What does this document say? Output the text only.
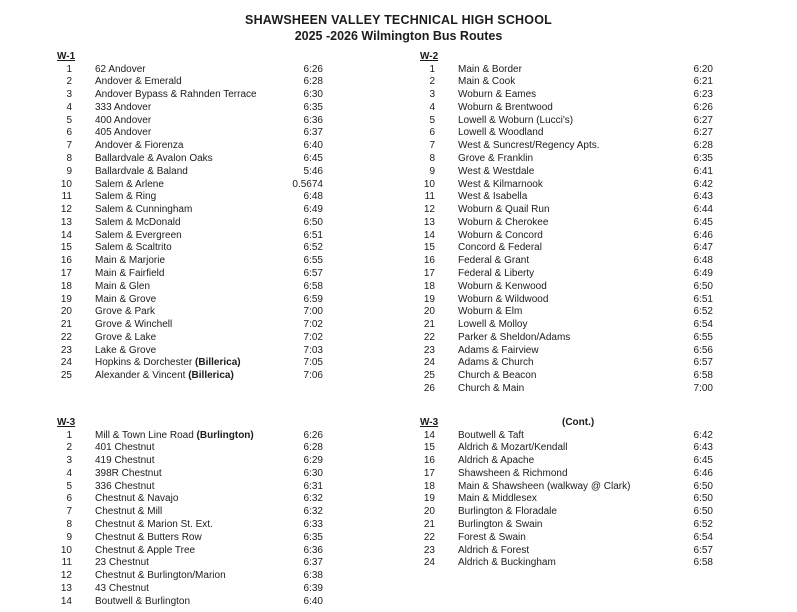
SHAWSHEEN VALLEY TECHNICAL HIGH SCHOOL
2025 -2026 Wilmington Bus Routes
W-1
1 62 Andover	6:26
2 Andover & Emerald	6:28
3 Andover Bypass & Rahnden Terrace	6:30
4 333 Andover	6:35
5 400 Andover	6:36
6 405 Andover	6:37
7 Andover & Fiorenza	6:40
8 Ballardvale & Avalon Oaks	6:45
9 Ballardvale & Baland	5:46
10 Salem & Arlene	0.5674
11 Salem & Ring	6:48
12 Salem & Cunningham	6:49
13 Salem & McDonald	6:50
14 Salem & Evergreen	6:51
15 Salem & Scaltrito	6:52
16 Main & Marjorie	6:55
17 Main & Fairfield	6:57
18 Main & Glen	6:58
19 Main & Grove	6:59
20 Grove & Park	7:00
21 Grove & Winchell	7:02
22 Grove & Lake	7:02
23 Lake & Grove	7:03
24 Hopkins & Dorchester (Billerica)	7:05
25 Alexander & Vincent (Billerica)	7:06
W-2
1 Main & Border	6:20
2 Main & Cook	6:21
3 Woburn & Eames	6:23
4 Woburn & Brentwood	6:26
5 Lowell & Woburn (Lucci's)	6:27
6 Lowell & Woodland	6:27
7 West & Suncrest/Regency Apts.	6:28
8 Grove & Franklin	6:35
9 West & Westdale	6:41
10 West & Kilmarnook	6:42
11 West & Isabella	6:43
12 Woburn & Quail Run	6:44
13 Woburn & Cherokee	6:45
14 Woburn & Concord	6:46
15 Concord & Federal	6:47
16 Federal & Grant	6:48
17 Federal & Liberty	6:49
18 Woburn & Kenwood	6:50
19 Woburn & Wildwood	6:51
20 Woburn & Elm	6:52
21 Lowell & Molloy	6:54
22 Parker & Sheldon/Adams	6:55
23 Adams & Fairview	6:56
24 Adams & Church	6:57
25 Church & Beacon	6:58
26 Church & Main	7:00
W-3
1 Mill & Town Line Road (Burlington)	6:26
2 401 Chestnut	6:28
3 419 Chestnut	6:29
4 398R Chestnut	6:30
5 336 Chestnut	6:31
6 Chestnut & Navajo	6:32
7 Chestnut & Mill	6:32
8 Chestnut & Marion St. Ext.	6:33
9 Chestnut & Butters Row	6:35
10 Chestnut & Apple Tree	6:36
11 23 Chestnut	6:37
12 Chestnut & Burlington/Marion	6:38
13 43 Chestnut	6:39
14 Boutwell & Burlington	6:40
W-3	(Cont.)
14 Boutwell & Taft	6:42
15 Aldrich & Mozart/Kendall	6:43
16 Aldrich & Apache	6:45
17 Shawsheen & Richmond	6:46
18 Main & Shawsheen (walkway @ Clark)	6:50
19 Main & Middlesex	6:50
20 Burlington & Floradale	6:50
21 Burlington & Swain	6:52
22 Forest & Swain	6:54
23 Aldrich & Forest	6:57
24 Aldrich & Buckingham	6:58
